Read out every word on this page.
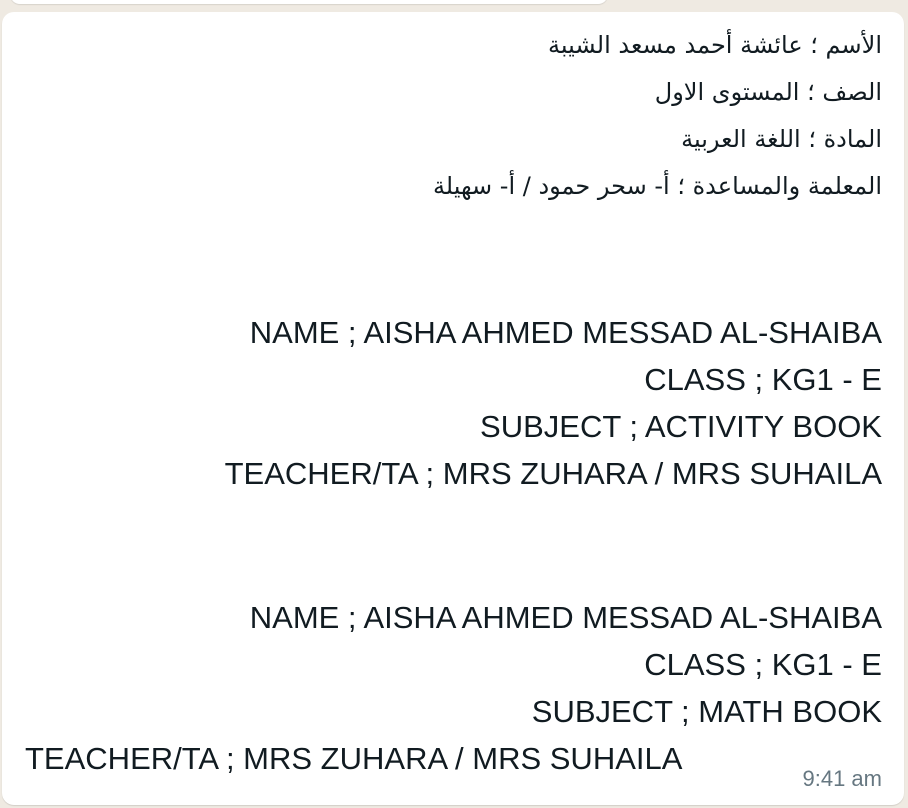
الأسم ؛ عائشة أحمد مسعد الشيبة
الصف ؛ المستوى الاول
المادة ؛ اللغة العربية
المعلمة والمساعدة ؛ أ- سحر حمود / أ- سهيلة
NAME ; AISHA AHMED MESSAD AL-SHAIBA
CLASS ; KG1 - E
SUBJECT ; ACTIVITY BOOK
TEACHER/TA ; MRS ZUHARA / MRS SUHAILA
NAME ; AISHA AHMED MESSAD AL-SHAIBA
CLASS ; KG1 - E
SUBJECT ; MATH BOOK
TEACHER/TA ; MRS ZUHARA / MRS SUHAILA
9:41 am
